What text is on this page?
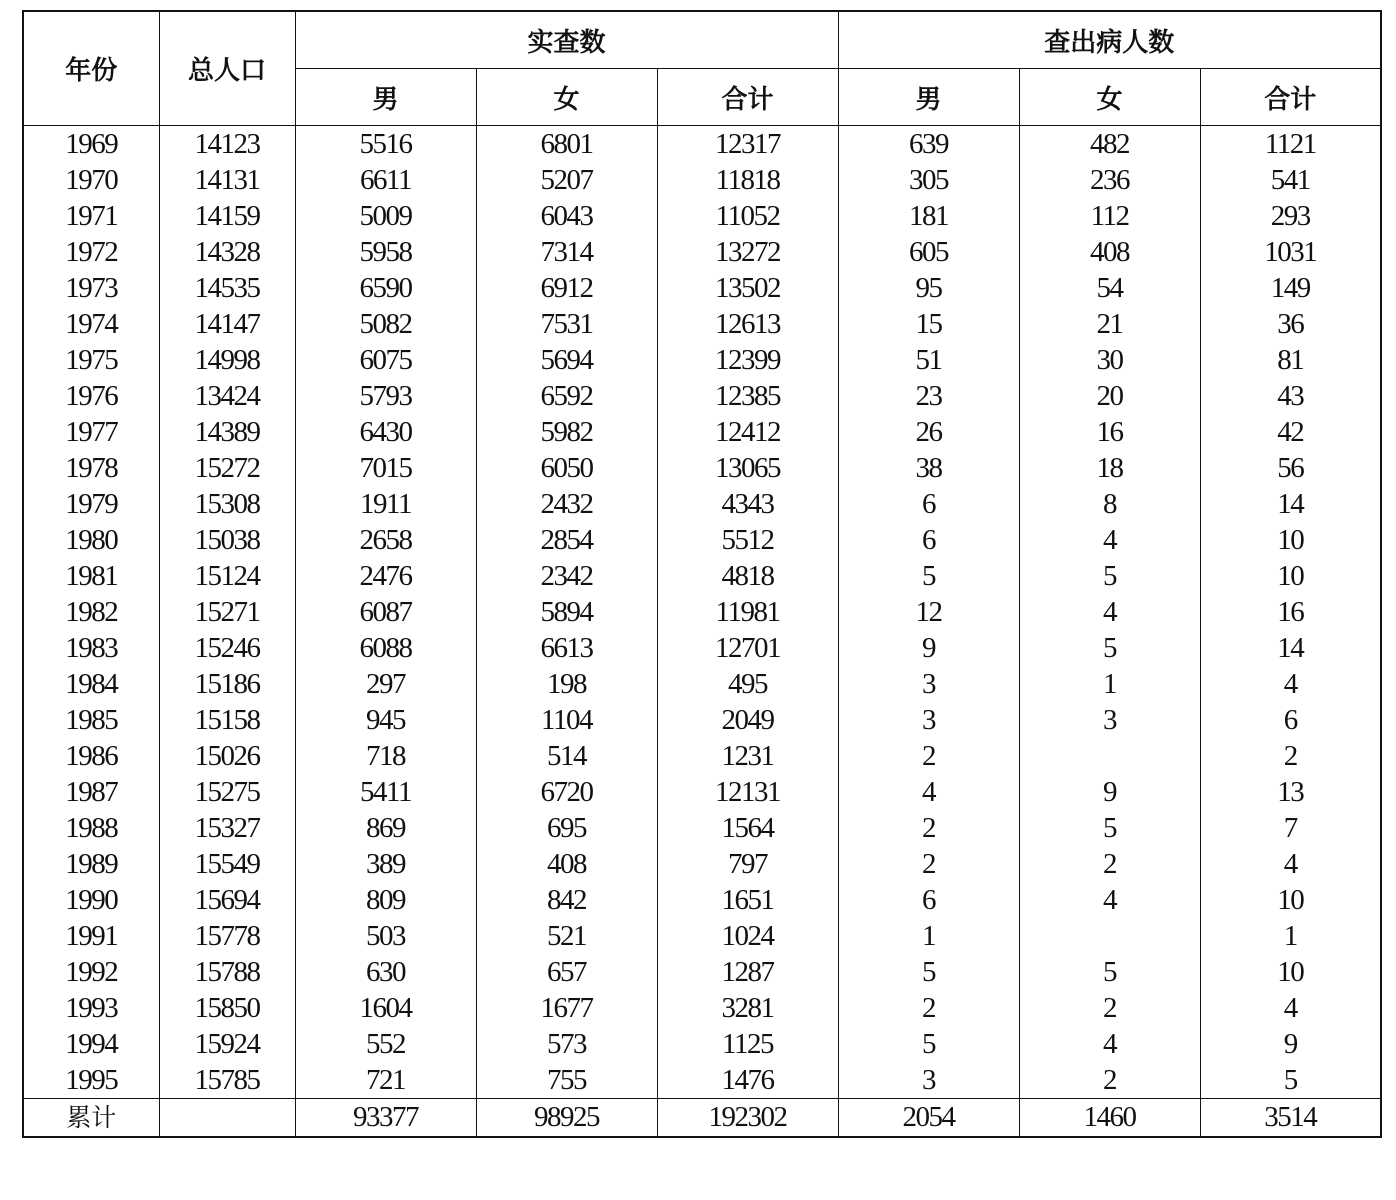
年份	总人口	实查数			查出病人数		
		男	女	合计	男	女	合计
1969	14123	5516	6801	12317	639	482	1121
1970	14131	6611	5207	11818	305	236	541
1971	14159	5009	6043	11052	181	112	293
1972	14328	5958	7314	13272	605	408	1031
1973	14535	6590	6912	13502	95	54	149
1974	14147	5082	7531	12613	15	21	36
1975	14998	6075	5694	12399	51	30	81
1976	13424	5793	6592	12385	23	20	43
1977	14389	6430	5982	12412	26	16	42
1978	15272	7015	6050	13065	38	18	56
1979	15308	1911	2432	4343	6	8	14
1980	15038	2658	2854	5512	6	4	10
1981	15124	2476	2342	4818	5	5	10
1982	15271	6087	5894	11981	12	4	16
1983	15246	6088	6613	12701	9	5	14
1984	15186	297	198	495	3	1	4
1985	15158	945	1104	2049	3	3	6
1986	15026	718	514	1231	2		2
1987	15275	5411	6720	12131	4	9	13
1988	15327	869	695	1564	2	5	7
1989	15549	389	408	797	2	2	4
1990	15694	809	842	1651	6	4	10
1991	15778	503	521	1024	1		1
1992	15788	630	657	1287	5	5	10
1993	15850	1604	1677	3281	2	2	4
1994	15924	552	573	1125	5	4	9
1995	15785	721	755	1476	3	2	5
累计		93377	98925	192302	2054	1460	3514
